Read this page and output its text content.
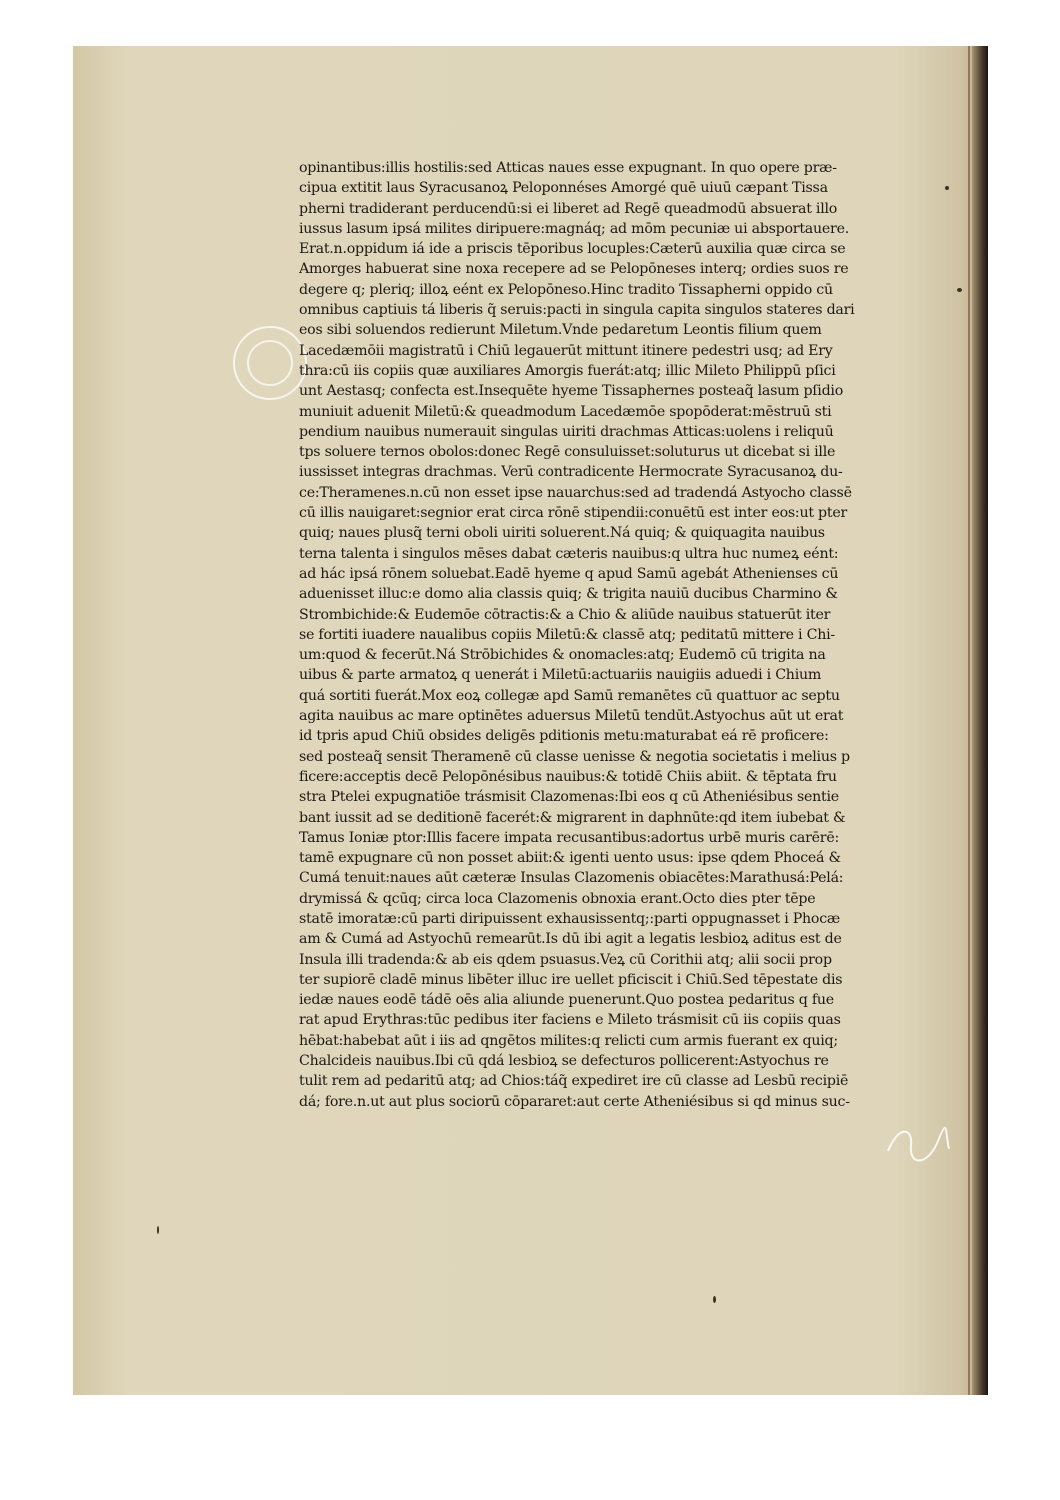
opinantibus:illis hostilis:sed Atticas naues esse expugnant. In quo opere præ-
cipua extitit laus Syracusanoꝝ Peloponnéses Amorgé quē uiuū cæpant Tissa
pherni tradiderant perducendū:si ei liberet ad Regē queadmodū absuerat illo
iussus lasum ipsá milites diripuere:magnáq; ad mōm pecuniæ ui absportauere.
Erat.n.oppidum iá ide a priscis tēporibus locuples:Cæterū auxilia quæ circa se
Amorges habuerat sine noxa recepere ad se Pelopōneses interq; ordies suos re
degere q; pleriq; illoꝝ eént ex Pelopōneso.Hinc tradito Tissapherni oppido cū
omnibus captiuis tá liberis q̃ seruis:pacti in singula capita singulos stateres dari
eos sibi soluendos redierunt Miletum.Vnde pedaretum Leontis filium quem
Lacedæmōii magistratū i Chiū legauerūt mittunt itinere pedestri usq; ad Ery
thra:cū iis copiis quæ auxiliares Amorgis fuerát:atq; illic Mileto Philippū pſici
unt Aestasq; confecta est.Insequēte hyeme Tissaphernes posteaq̃ lasum pſidio
muniuit aduenit Miletū:& queadmodum Lacedæmōe spopōderat:mēstruū sti
pendium nauibus numerauit singulas uiriti drachmas Atticas:uolens i reliquū
tps soluere ternos obolos:donec Regē consuluisset:soluturus ut dicebat si ille
iussisset integras drachmas. Verū contradicente Hermocrate Syracusanoꝝ du-
ce:Theramenes.n.cū non esset ipse nauarchus:sed ad tradendá Astyocho classē
cū illis nauigaret:segnior erat circa rōnē stipendii:conuētū est inter eos:ut pter
quiq; naues plusq̃ terni oboli uiriti soluerent.Ná quiq; & quiquagita nauibus
terna talenta i singulos mēses dabat cæteris nauibus:q ultra huc numeꝝ eént:
ad hác ipsá rōnem soluebat.Eadē hyeme q apud Samū agebát Athenienses cū
aduenisset illuc:e domo alia classis quiq; & trigita nauiū ducibus Charmino &
Strombichide:& Eudemōe cōtractis:& a Chio & aliūde nauibus statuerūt iter
se fortiti iuadere naualibus copiis Miletū:& classē atq; peditatū mittere i Chi-
um:quod & fecerūt.Ná Strōbichides & onomacles:atq; Eudemō cū trigita na
uibus & parte armatoꝝ q uenerát i Miletū:actuariis nauigiis aduedi i Chium
quá sortiti fuerát.Mox eoꝝ collegæ apd Samū remanētes cū quattuor ac septu
agita nauibus ac mare optinētes aduersus Miletū tendūt.Astyochus aūt ut erat
id tpris apud Chiū obsides deligēs pditionis metu:maturabat eá rē proficere:
sed posteaq̃ sensit Theramenē cū classe uenisse & negotia societatis i melius p
ficere:acceptis decē Pelopōnésibus nauibus:& totidē Chiis abiit. & tēptata fru
stra Ptelei expugnatiōe trásmisit Clazomenas:Ibi eos q cū Atheniésibus sentie
bant iussit ad se deditionē facerét:& migrarent in daphnūte:qd item iubebat &
Tamus Ioniæ ptor:Illis facere impata recusantibus:adortus urbē muris carērē:
tamē expugnare cū non posset abiit:& igenti uento usus: ipse qdem Phoceá &
Cumá tenuit:naues aūt cæteræ Insulas Clazomenis obiacētes:Marathusá:Pelá:
drymissá & qcūq; circa loca Clazomenis obnoxia erant.Octo dies pter tēpe
statē imoratæ:cū parti diripuissent exhausissentq;:parti oppugnasset i Phocæ
am & Cumá ad Astyochū remearūt.Is dū ibi agit a legatis lesbioꝝ aditus est de
Insula illi tradenda:& ab eis qdem psuasus.Veꝝ cū Corithii atq; alii socii prop
ter supiorē cladē minus libēter illuc ire uellet pficiscit i Chiū.Sed tēpestate dis
iedæ naues eodē tádē oēs alia aliunde puenerunt.Quo postea pedaritus q fue
rat apud Erythras:tūc pedibus iter faciens e Mileto trásmisit cū iis copiis quas
hēbat:habebat aūt i iis ad qngētos milites:q relicti cum armis fuerant ex quiq;
Chalcideis nauibus.Ibi cū qdá lesbioꝝ se defecturos pollicerent:Astyochus re
tulit rem ad pedaritū atq; ad Chios:táq̃ expediret ire cū classe ad Lesbū recipiē
dá; fore.n.ut aut plus sociorū cōpararet:aut certe Atheniésibus si qd minus suc-
